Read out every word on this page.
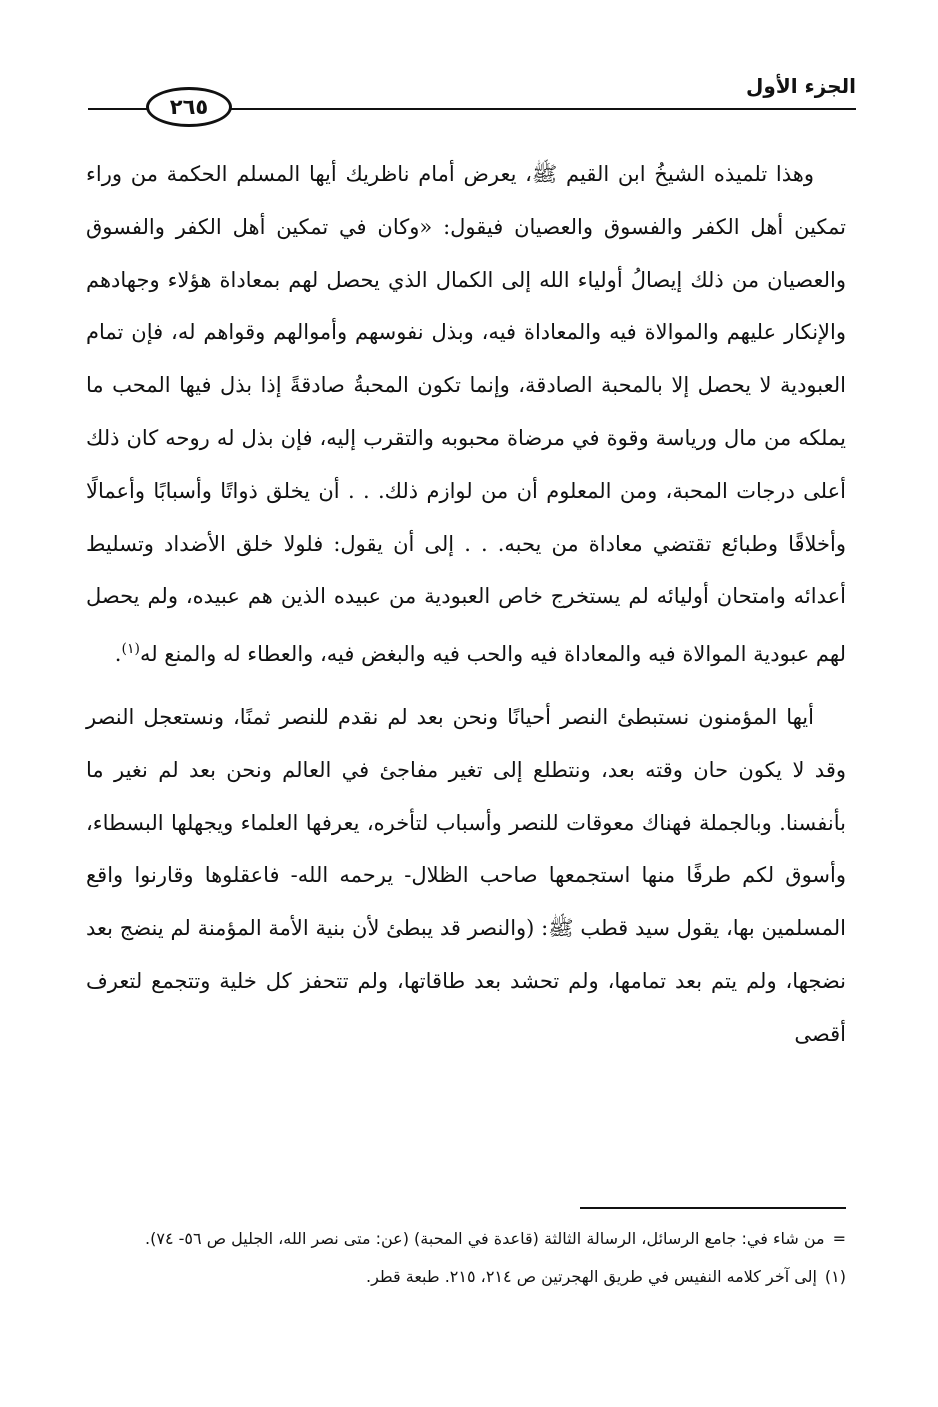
الجزء الأول
٢٦٥

وهذا تلميذه الشيخُ ابن القيم ﷺ، يعرض أمام ناظريك أيها المسلم الحكمة من وراء تمكين أهل الكفر والفسوق والعصيان فيقول: «وكان في تمكين أهل الكفر والفسوق والعصيان من ذلك إيصالُ أولياء الله إلى الكمال الذي يحصل لهم بمعاداة هؤلاء وجهادهم والإنكار عليهم والموالاة فيه والمعاداة فيه، وبذل نفوسهم وأموالهم وقواهم له، فإن تمام العبودية لا يحصل إلا بالمحبة الصادقة، وإنما تكون المحبةُ صادقةً إذا بذل فيها المحب ما يملكه من مال ورياسة وقوة في مرضاة محبوبه والتقرب إليه، فإن بذل له روحه كان ذلك أعلى درجات المحبة، ومن المعلوم أن من لوازم ذلك. . . أن يخلق ذواتًا وأسبابًا وأعمالًا وأخلاقًا وطبائع تقتضي معاداة من يحبه. . . إلى أن يقول: فلولا خلق الأضداد وتسليط أعدائه وامتحان أوليائه لم يستخرج خاص العبودية من عبيده الذين هم عبيده، ولم يحصل لهم عبودية الموالاة فيه والمعاداة فيه والحب فيه والبغض فيه، والعطاء له والمنع له$^{(١)}$.

أيها المؤمنون نستبطئ النصر أحيانًا ونحن بعد لم نقدم للنصر ثمنًا، ونستعجل النصر وقد لا يكون حان وقته بعد، ونتطلع إلى تغير مفاجئ في العالم ونحن بعد لم نغير ما بأنفسنا. وبالجملة فهناك معوقات للنصر وأسباب لتأخره، يعرفها العلماء ويجهلها البسطاء، وأسوق لكم طرفًا منها استجمعها صاحب الظلال- يرحمه الله- فاعقلوها وقارنوا واقع المسلمين بها، يقول سيد قطب ﷺ: (والنصر قد يبطئ لأن بنية الأمة المؤمنة لم ينضج بعد نضجها، ولم يتم بعد تمامها، ولم تحشد بعد طاقاتها، ولم تتحفز كل خلية وتتجمع لتعرف أقصى

=من شاء في: جامع الرسائل، الرسالة الثالثة (قاعدة في المحبة) (عن: متى نصر الله، الجليل ص ٥٦- ٧٤).

(١)إلى آخر كلامه النفيس في طريق الهجرتين ص ٢١٤، ٢١٥. طبعة قطر.
